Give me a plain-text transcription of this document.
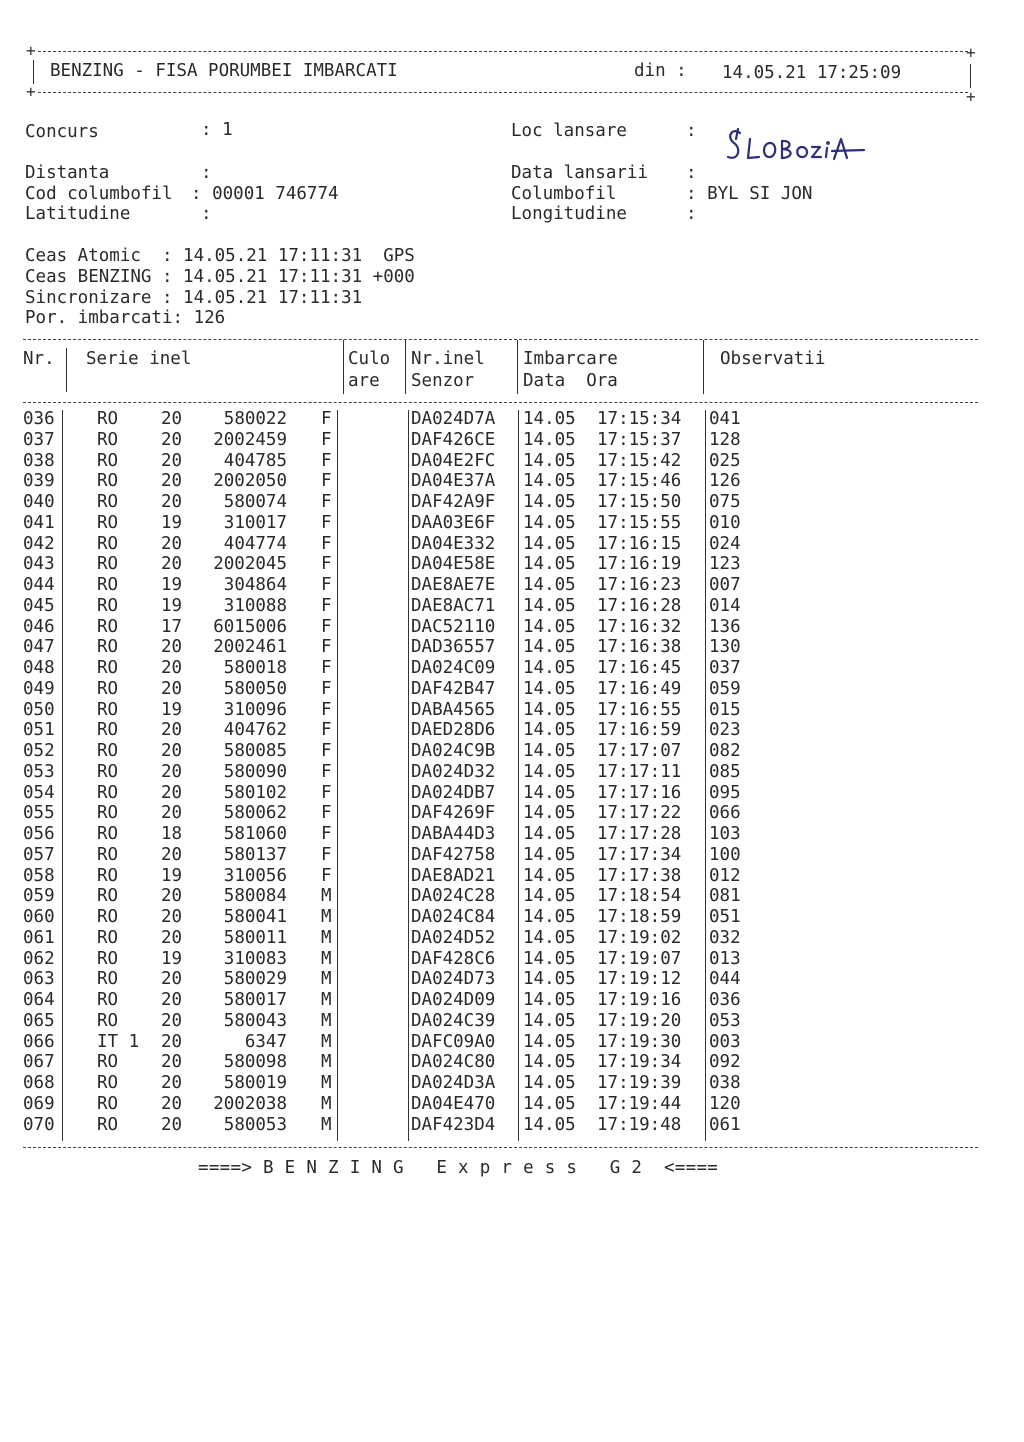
+	+
BENZING - FISA PORUMBEI IMBARCATI	din : 14.05.21 17:25:09
+	+
Concurs	: 1	Loc lansare	:
Distanta	:	Data lansarii :
Cod columbofil : 00001 746774	Columbofil	: BYL SI JON
Latitudine	:	Longitudine	:
Ceas Atomic  : 14.05.21 17:11:31  GPS
Ceas BENZING : 14.05.21 17:11:31 +000
Sincronizare : 14.05.21 17:11:31
Por. imbarcati: 126
Nr. Serie inel	Culo
are
Nr.inel
Senzor
Imbarcare
Data  Ora
Observatii
036 RO 20	580022 F	DA024D7A 14.05 17:15:34 041
037 RO 20	2002459 F	DAF426CE 14.05 17:15:37 128
038 RO 20	404785 F	DA04E2FC 14.05 17:15:42 025
039 RO 20	2002050 F	DA04E37A 14.05 17:15:46 126
040 RO 20	580074 F	DAF42A9F 14.05 17:15:50 075
041 RO 19	310017 F	DAA03E6F 14.05 17:15:55 010
042 RO 20	404774 F	DA04E332 14.05 17:16:15 024
043 RO 20	2002045 F	DA04E58E 14.05 17:16:19 123
044 RO 19	304864 F	DAE8AE7E 14.05 17:16:23 007
045 RO 19	310088 F	DAE8AC71 14.05 17:16:28 014
046 RO 17	6015006 F	DAC52110 14.05 17:16:32 136
047 RO 20	2002461 F	DAD36557 14.05 17:16:38 130
048 RO 20	580018 F	DA024C09 14.05 17:16:45 037
049 RO 20	580050 F	DAF42B47 14.05 17:16:49 059
050 RO 19	310096 F	DABA4565 14.05 17:16:55 015
051 RO 20	404762 F	DAED28D6 14.05 17:16:59 023
052 RO 20	580085 F	DA024C9B 14.05 17:17:07 082
053 RO 20	580090 F	DA024D32 14.05 17:17:11 085
054 RO 20	580102 F	DA024DB7 14.05 17:17:16 095
055 RO 20	580062 F	DAF4269F 14.05 17:17:22 066
056 RO 18	581060 F	DABA44D3 14.05 17:17:28 103
057 RO 20	580137 F	DAF42758 14.05 17:17:34 100
058 RO 19	310056 F	DAE8AD21 14.05 17:17:38 012
059 RO 20	580084 M	DA024C28 14.05 17:18:54 081
060 RO 20	580041 M	DA024C84 14.05 17:18:59 051
061 RO 20	580011 M	DA024D52 14.05 17:19:02 032
062 RO 19	310083 M	DAF428C6 14.05 17:19:07 013
063 RO 20	580029 M	DA024D73 14.05 17:19:12 044
064 RO 20	580017 M	DA024D09 14.05 17:19:16 036
065 RO 20	580043 M	DA024C39 14.05 17:19:20 053
066 IT 1 20	6347 M	DAFC09A0 14.05 17:19:30 003
067 RO 20	580098 M	DA024C80 14.05 17:19:34 092
068 RO 20	580019 M	DA024D3A 14.05 17:19:39 038
069 RO 20	2002038 M	DA04E470 14.05 17:19:44 120
070 RO 20	580053 M	DAF423D4 14.05 17:19:48 061
====> B E N Z I N G   E x p r e s s   G 2  <====
